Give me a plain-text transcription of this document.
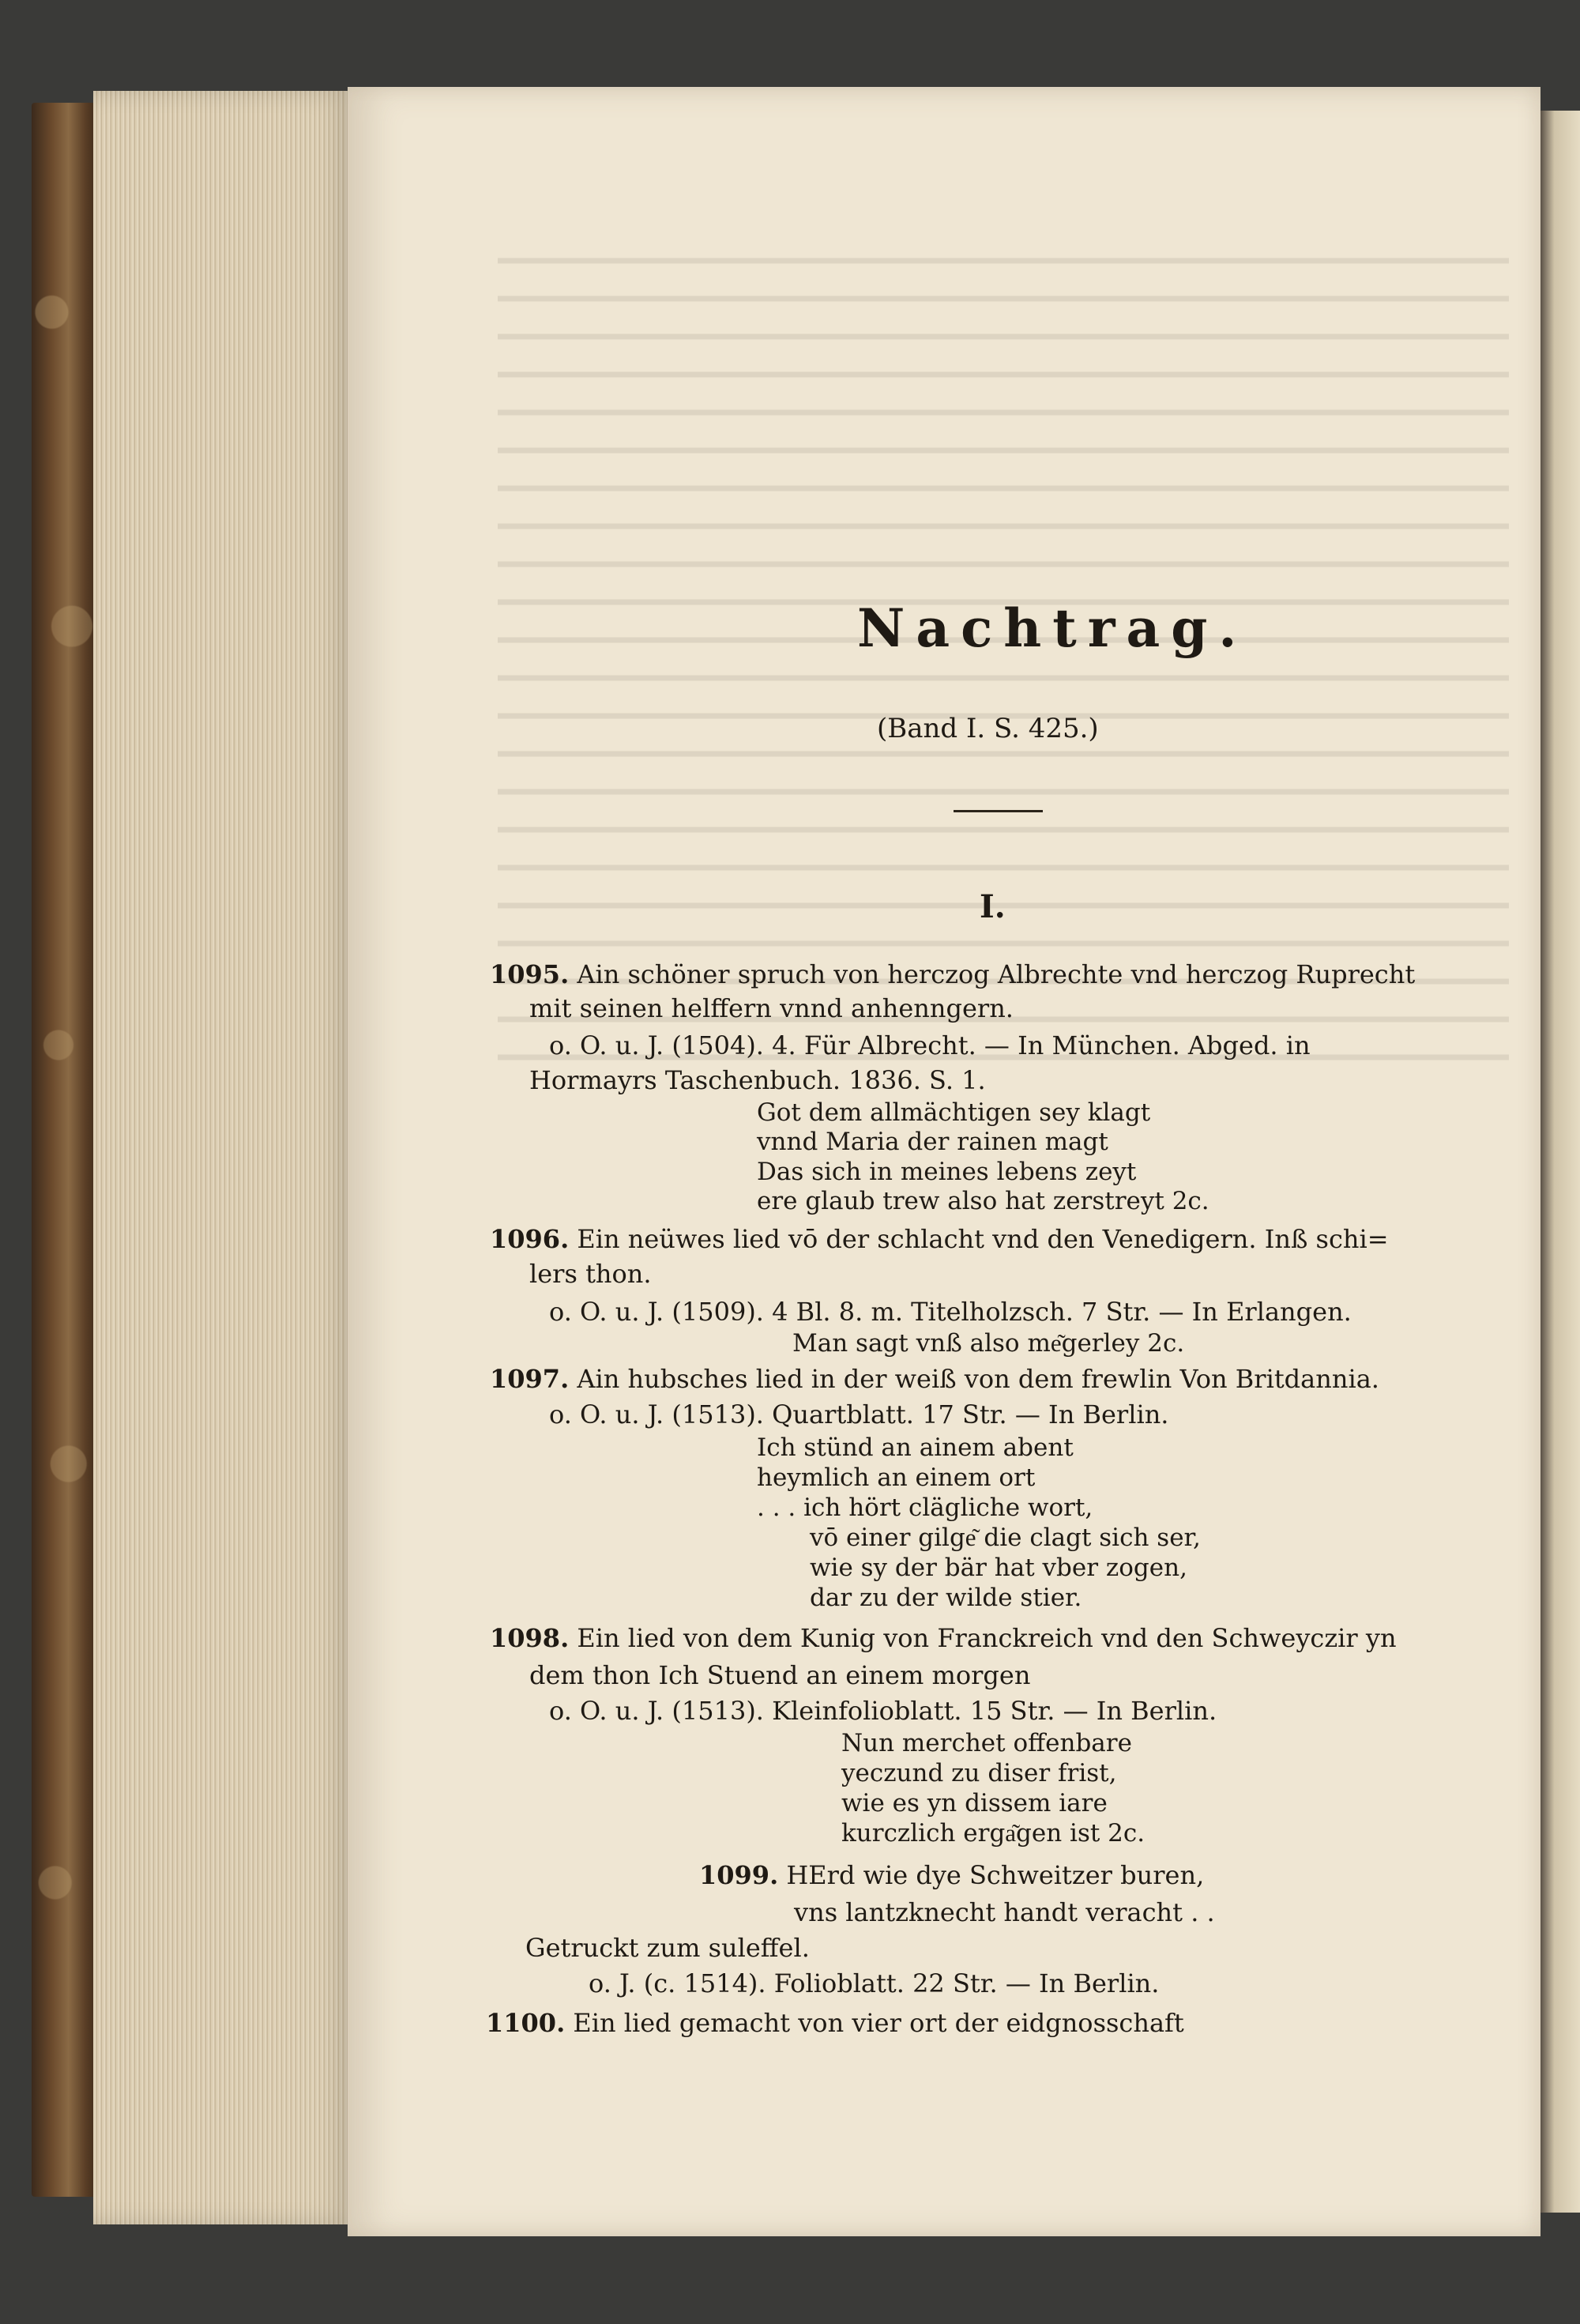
Nachtrag.
(Band I. S. 425.)
I.
1095. Ain schöner spruch von herczog Albrechte vnd herczog Ruprecht
mit seinen helffern vnnd anhenngern.
o. O. u. J. (1504). 4. Für Albrecht. — In München. Abged. in
Hormayrs Taschenbuch. 1836. S. 1.
Got dem allmächtigen sey klagt
vnnd Maria der rainen magt
Das sich in meines lebens zeyt
ere glaub trew also hat zerstreyt 2c.
1096. Ein neüwes lied vō der schlacht vnd den Venedigern. Inß schi=
lers thon.
o. O. u. J. (1509). 4 Bl. 8. m. Titelholzsch. 7 Str. — In Erlangen.
Man sagt vnß also me͂gerley 2c.
1097. Ain hubsches lied in der weiß von dem frewlin Von Britdannia.
o. O. u. J. (1513). Quartblatt. 17 Str. — In Berlin.
Ich stünd an ainem abent
heymlich an einem ort
. . . ich hört clägliche wort,
vō einer gilge͂ die clagt sich ser,
wie sy der bär hat vber zogen,
dar zu der wilde stier.
1098. Ein lied von dem Kunig von Franckreich vnd den Schweyczir yn
dem thon Ich Stuend an einem morgen
o. O. u. J. (1513). Kleinfolioblatt. 15 Str. — In Berlin.
Nun merchet offenbare
yeczund zu diser frist,
wie es yn dissem iare
kurczlich erga͂gen ist 2c.
1099. HErd wie dye Schweitzer buren,
vns lantzknecht handt veracht . .
Getruckt zum suleffel.
o. J. (c. 1514). Folioblatt. 22 Str. — In Berlin.
1100. Ein lied gemacht von vier ort der eidgnosschaft
